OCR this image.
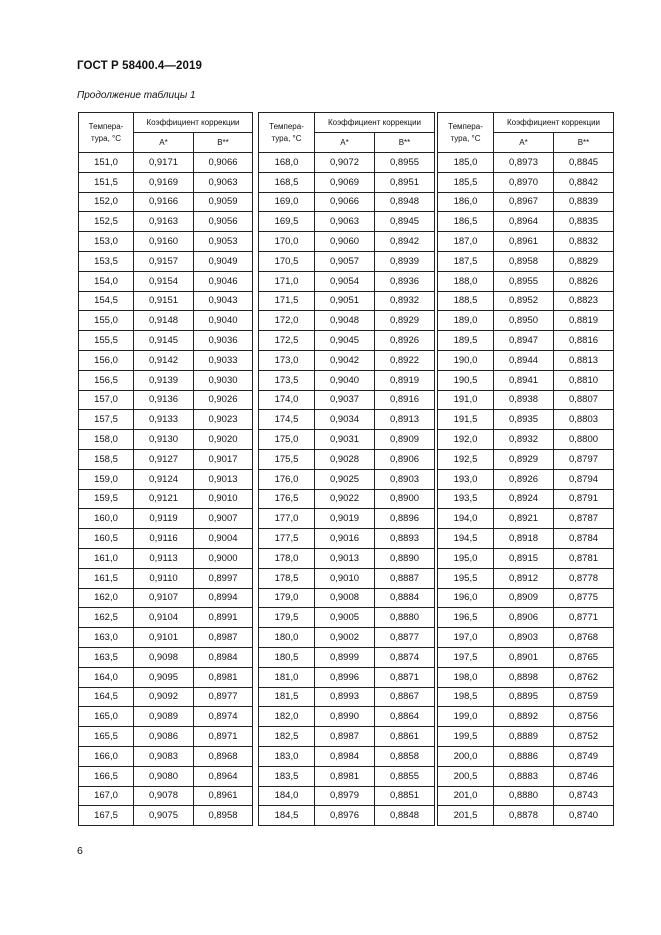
ГОСТ Р 58400.4—2019
Продолжение таблицы 1
Темпера-
тура, °С	Коэффициент коррекции	
	A*	B**
151,0	0,9171	0,9066
151,5	0,9169	0,9063
152,0	0,9166	0,9059
152,5	0,9163	0,9056
153,0	0,9160	0,9053
153,5	0,9157	0,9049
154,0	0,9154	0,9046
154,5	0,9151	0,9043
155,0	0,9148	0,9040
155,5	0,9145	0,9036
156,0	0,9142	0,9033
156,5	0,9139	0,9030
157,0	0,9136	0,9026
157,5	0,9133	0,9023
158,0	0,9130	0,9020
158,5	0,9127	0,9017
159,0	0,9124	0,9013
159,5	0,9121	0,9010
160,0	0,9119	0,9007
160,5	0,9116	0,9004
161,0	0,9113	0,9000
161,5	0,9110	0,8997
162,0	0,9107	0,8994
162,5	0,9104	0,8991
163,0	0,9101	0,8987
163,5	0,9098	0,8984
164,0	0,9095	0,8981
164,5	0,9092	0,8977
165,0	0,9089	0,8974
165,5	0,9086	0,8971
166,0	0,9083	0,8968
166,5	0,9080	0,8964
167,0	0,9078	0,8961
167,5	0,9075	0,8958
Темпера-
тура, °С	Коэффициент коррекции	
	A*	B**
168,0	0,9072	0,8955
168,5	0,9069	0,8951
169,0	0,9066	0,8948
169,5	0,9063	0,8945
170,0	0,9060	0,8942
170,5	0,9057	0,8939
171,0	0,9054	0,8936
171,5	0,9051	0,8932
172,0	0,9048	0,8929
172,5	0,9045	0,8926
173,0	0,9042	0,8922
173,5	0,9040	0,8919
174,0	0,9037	0,8916
174,5	0,9034	0,8913
175,0	0,9031	0,8909
175,5	0,9028	0,8906
176,0	0,9025	0,8903
176,5	0,9022	0,8900
177,0	0,9019	0,8896
177,5	0,9016	0,8893
178,0	0,9013	0,8890
178,5	0,9010	0,8887
179,0	0,9008	0,8884
179,5	0,9005	0,8880
180,0	0,9002	0,8877
180,5	0,8999	0,8874
181,0	0,8996	0,8871
181,5	0,8993	0,8867
182,0	0,8990	0,8864
182,5	0,8987	0,8861
183,0	0,8984	0,8858
183,5	0,8981	0,8855
184,0	0,8979	0,8851
184,5	0,8976	0,8848
Темпера-
тура, °С	Коэффициент коррекции	
	A*	B**
185,0	0,8973	0,8845
185,5	0,8970	0,8842
186,0	0,8967	0,8839
186,5	0,8964	0,8835
187,0	0,8961	0,8832
187,5	0,8958	0,8829
188,0	0,8955	0,8826
188,5	0,8952	0,8823
189,0	0,8950	0,8819
189,5	0,8947	0,8816
190,0	0,8944	0,8813
190,5	0,8941	0,8810
191,0	0,8938	0,8807
191,5	0,8935	0,8803
192,0	0,8932	0,8800
192,5	0,8929	0,8797
193,0	0,8926	0,8794
193,5	0,8924	0,8791
194,0	0,8921	0,8787
194,5	0,8918	0,8784
195,0	0,8915	0,8781
195,5	0,8912	0,8778
196,0	0,8909	0,8775
196,5	0,8906	0,8771
197,0	0,8903	0,8768
197,5	0,8901	0,8765
198,0	0,8898	0,8762
198,5	0,8895	0,8759
199,0	0,8892	0,8756
199,5	0,8889	0,8752
200,0	0,8886	0,8749
200,5	0,8883	0,8746
201,0	0,8880	0,8743
201,5	0,8878	0,8740
6
